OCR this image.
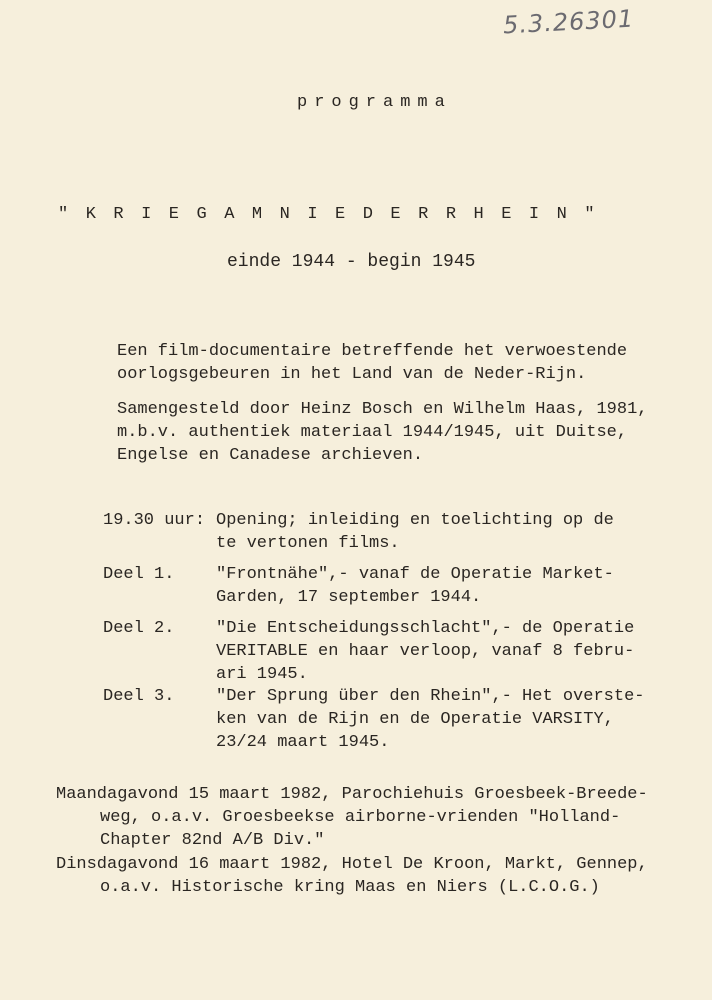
5.3.26301
programma
"KRIEGAMNIEDERRHEIN"
einde 1944 - begin 1945
Een film-documentaire betreffende het verwoestende
oorlogsgebeuren in het Land van de Neder-Rijn.
Samengesteld door Heinz Bosch en Wilhelm Haas, 1981,
m.b.v. authentiek materiaal 1944/1945, uit Duitse,
Engelse en Canadese archieven.
19.30 uur: Opening; inleiding en toelichting op de
te vertonen films.
Deel 1. "Frontnähe",- vanaf de Operatie Market-
Garden, 17 september 1944.
Deel 2. "Die Entscheidungsschlacht",- de Operatie
VERITABLE en haar verloop, vanaf 8 febru-
ari 1945.
Deel 3. "Der Sprung über den Rhein",- Het overste-
ken van de Rijn en de Operatie VARSITY,
23/24 maart 1945.
Maandagavond 15 maart 1982, Parochiehuis Groesbeek-Breede-
weg, o.a.v. Groesbeekse airborne-vrienden "Holland-
Chapter 82nd A/B Div."
Dinsdagavond 16 maart 1982, Hotel De Kroon, Markt, Gennep,
o.a.v. Historische kring Maas en Niers (L.C.O.G.)
